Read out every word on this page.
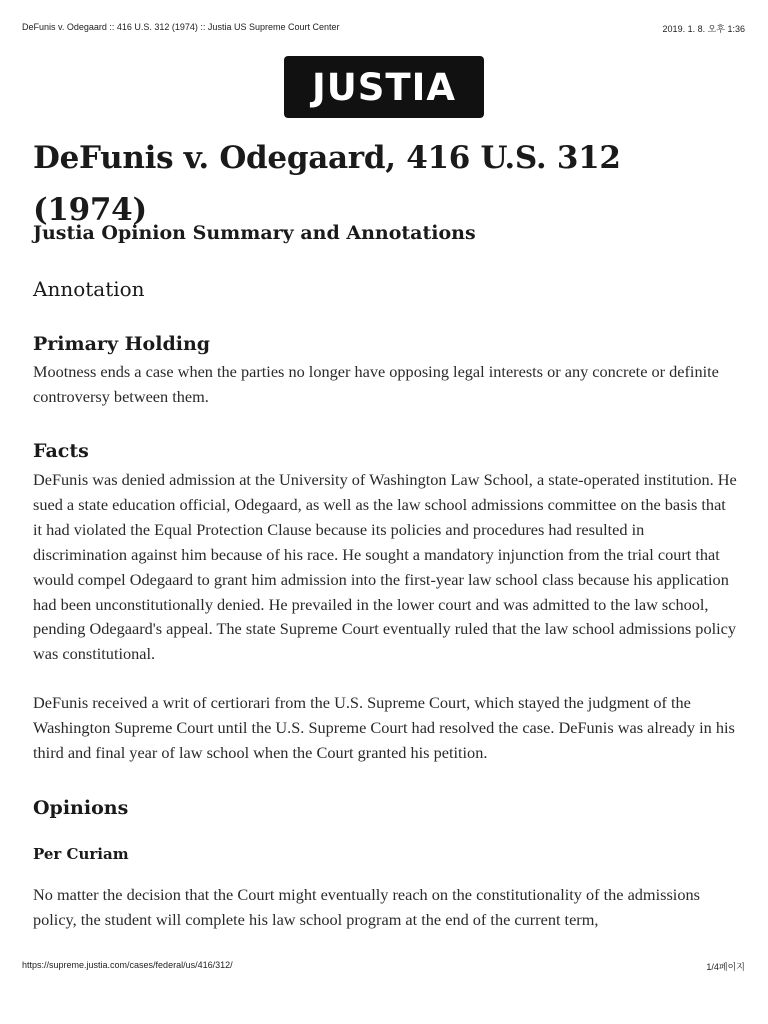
DeFunis v. Odegaard :: 416 U.S. 312 (1974) :: Justia US Supreme Court Center	2019. 1. 8. 오후 1:36
JUSTIA
DeFunis v. Odegaard, 416 U.S. 312 (1974)
Justia Opinion Summary and Annotations
Annotation
Primary Holding

Mootness ends a case when the parties no longer have opposing legal interests or any concrete or definite controversy between them.

Facts

DeFunis was denied admission at the University of Washington Law School, a state-operated institution. He sued a state education official, Odegaard, as well as the law school admissions committee on the basis that it had violated the Equal Protection Clause because its policies and procedures had resulted in discrimination against him because of his race. He sought a mandatory injunction from the trial court that would compel Odegaard to grant him admission into the first-year law school class because his application had been unconstitutionally denied. He prevailed in the lower court and was admitted to the law school, pending Odegaard's appeal. The state Supreme Court eventually ruled that the law school admissions policy was constitutional.

DeFunis received a writ of certiorari from the U.S. Supreme Court, which stayed the judgment of the Washington Supreme Court until the U.S. Supreme Court had resolved the case. DeFunis was already in his third and final year of law school when the Court granted his petition.

Opinions
Per Curiam

No matter the decision that the Court might eventually reach on the constitutionality of the admissions policy, the student will complete his law school program at the end of the current term,

https://supreme.justia.com/cases/federal/us/416/312/	1/4페이지
